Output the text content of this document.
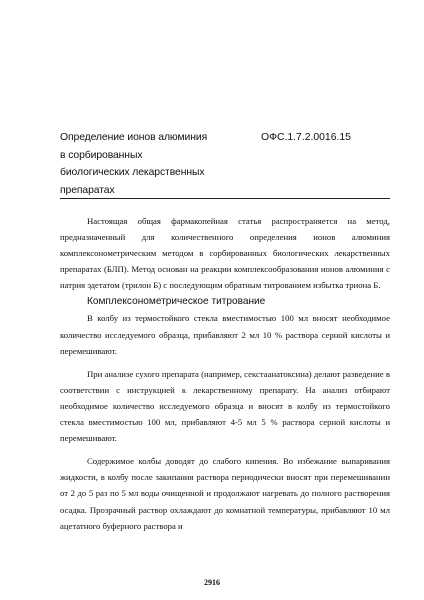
Определение ионов алюминия
в сорбированных
биологических лекарственных
препаратах
ОФС.1.7.2.0016.15

Настоящая общая фармакопейная статья распространяется на метод, предназначенный для количественного определения ионов алюминия комплексонометрическим методом в сорбированных биологических лекарственных препаратах (БЛП). Метод основан на реакции комплексообразования ионов алюминия с натрия эдетатом (трилон Б) с последующим обратным титрованием избытка триона Б.

Комплексонометрическое титрование

В колбу из термостойкого стекла вместимостью 100 мл вносят необходимое количество исследуемого образца, прибавляют 2 мл 10 % раствора серной кислоты и перемешивают.

При анализе сухого препарата (например, секстаанатоксина) делают разведение в соответствии с инструкцией к лекарственному препарату. На анализ отбирают необходимое количество исследуемого образца и вносят в колбу из термостойкого стекла вместимостью 100 мл, прибавляют 4-5 мл 5 % раствора серной кислоты и перемешивают.

Содержимое колбы доводят до слабого кипения. Во избежание выпаривания жидкости, в колбу после закипания раствора периодически вносят при перемешивании от 2 до 5 раз по 5 мл воды очищенной и продолжают нагревать до полного растворения осадка. Прозрачный раствор охлаждают до комнатной температуры, прибавляют 10 мл ацетатного буферного раствора и

2916
